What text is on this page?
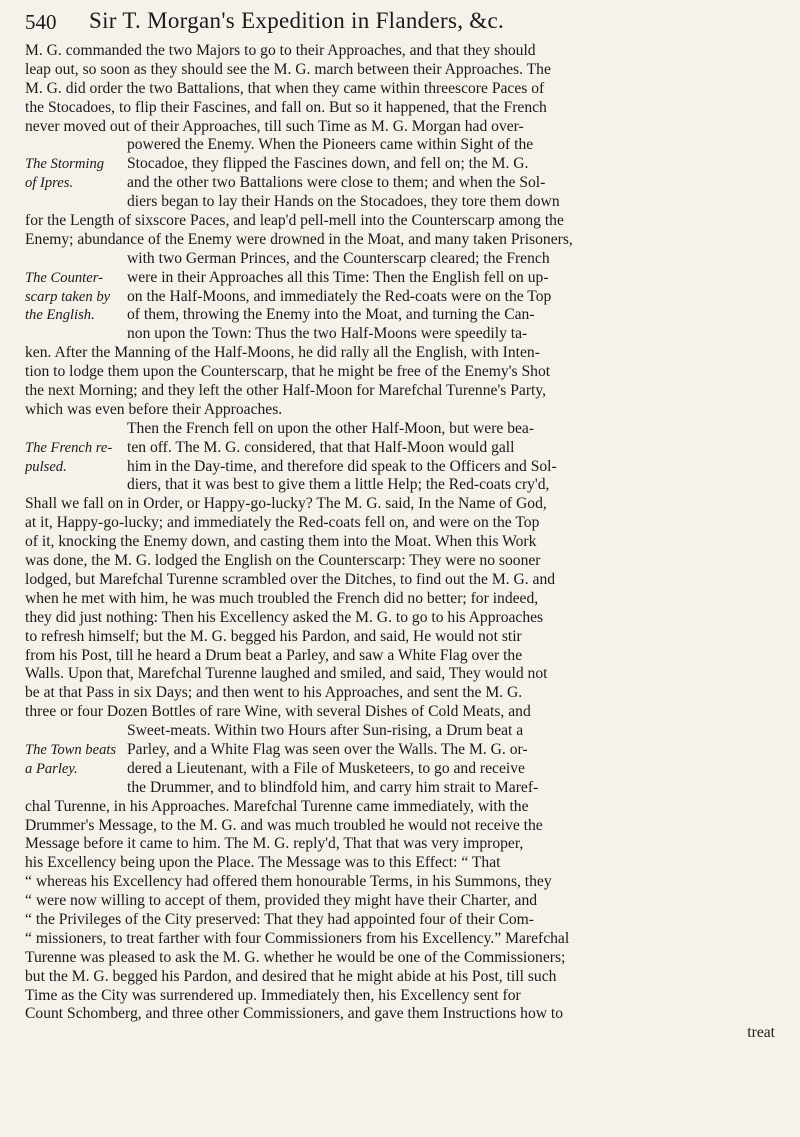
540 Sir T. Morgan's Expedition in Flanders, &c.
M. G. commanded the two Majors to go to their Approaches, and that they should
leap out, so soon as they should see the M. G. march between their Approaches. The
M. G. did order the two Battalions, that when they came within threescore Paces of
the Stocadoes, to flip their Fascines, and fall on. But so it happened, that the French
never moved out of their Approaches, till such Time as M. G. Morgan had over-
powered the Enemy. When the Pioneers came within Sight of the
The Storming Stocadoe, they flipped the Fascines down, and fell on; the M. G.
of Ipres.	and the other two Battalions were close to them; and when the Sol-
diers began to lay their Hands on the Stocadoes, they tore them down
for the Length of sixscore Paces, and leap'd pell-mell into the Counterscarp among the
Enemy; abundance of the Enemy were drowned in the Moat, and many taken Prisoners,
with two German Princes, and the Counterscarp cleared; the French
The Counter- were in their Approaches all this Time: Then the English fell on up-
scarp taken by on the Half-Moons, and immediately the Red-coats were on the Top
the English. of them, throwing the Enemy into the Moat, and turning the Can-
non upon the Town: Thus the two Half-Moons were speedily ta-
ken. After the Manning of the Half-Moons, he did rally all the English, with Inten-
tion to lodge them upon the Counterscarp, that he might be free of the Enemy's Shot
the next Morning; and they left the other Half-Moon for Marefchal Turenne's Party,
which was even before their Approaches.
Then the French fell on upon the other Half-Moon, but were bea-
The French re- ten off. The M. G. considered, that that Half-Moon would gall
pulsed.	him in the Day-time, and therefore did speak to the Officers and Sol-
diers, that it was best to give them a little Help; the Red-coats cry'd,
Shall we fall on in Order, or Happy-go-lucky? The M. G. said, In the Name of God,
at it, Happy-go-lucky; and immediately the Red-coats fell on, and were on the Top
of it, knocking the Enemy down, and casting them into the Moat. When this Work
was done, the M. G. lodged the English on the Counterscarp: They were no sooner
lodged, but Marefchal Turenne scrambled over the Ditches, to find out the M. G. and
when he met with him, he was much troubled the French did no better; for indeed,
they did just nothing: Then his Excellency asked the M. G. to go to his Approaches
to refresh himself; but the M. G. begged his Pardon, and said, He would not stir
from his Post, till he heard a Drum beat a Parley, and saw a White Flag over the
Walls. Upon that, Marefchal Turenne laughed and smiled, and said, They would not
be at that Pass in six Days; and then went to his Approaches, and sent the M. G.
three or four Dozen Bottles of rare Wine, with several Dishes of Cold Meats, and
Sweet-meats. Within two Hours after Sun-rising, a Drum beat a
The Town beats Parley, and a White Flag was seen over the Walls. The M. G. or-
a Parley.	dered a Lieutenant, with a File of Musketeers, to go and receive
the Drummer, and to blindfold him, and carry him strait to Maref-
chal Turenne, in his Approaches. Marefchal Turenne came immediately, with the
Drummer's Message, to the M. G. and was much troubled he would not receive the
Message before it came to him. The M. G. reply'd, That that was very improper,
his Excellency being upon the Place. The Message was to this Effect: “ That
“ whereas his Excellency had offered them honourable Terms, in his Summons, they
“ were now willing to accept of them, provided they might have their Charter, and
“ the Privileges of the City preserved: That they had appointed four of their Com-
“ missioners, to treat farther with four Commissioners from his Excellency.” Marefchal
Turenne was pleased to ask the M. G. whether he would be one of the Commissioners;
but the M. G. begged his Pardon, and desired that he might abide at his Post, till such
Time as the City was surrendered up. Immediately then, his Excellency sent for
Count Schomberg, and three other Commissioners, and gave them Instructions how to
treat
